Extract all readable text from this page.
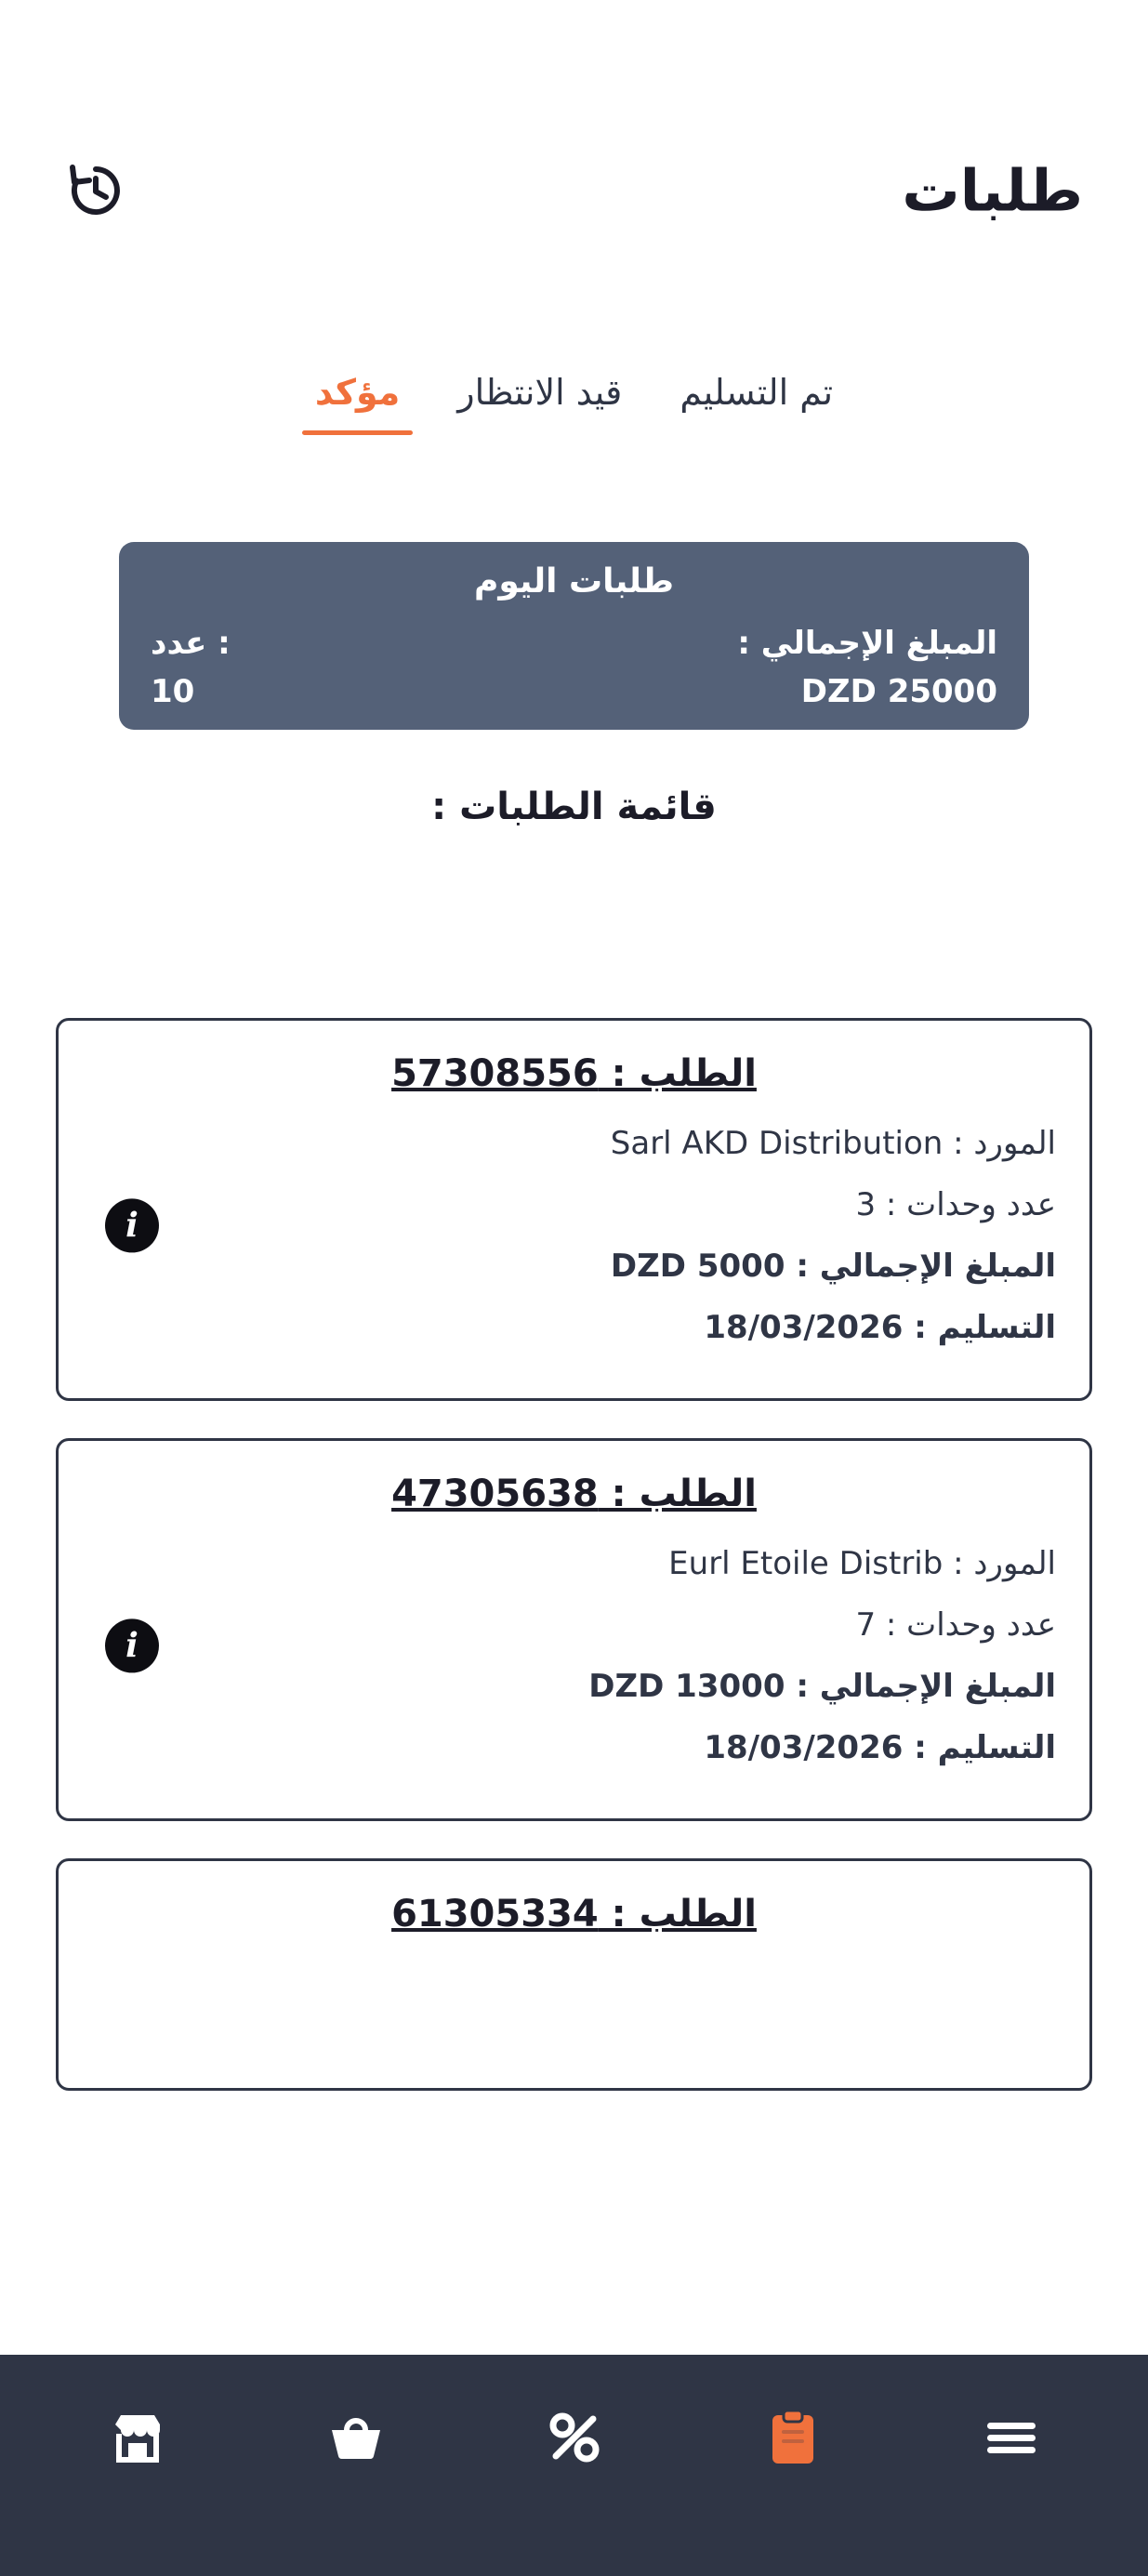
طلبات
تم التسليم
قيد الانتظار
مؤكد
طلبات اليوم
المبلغ الإجمالي :
DZD 25000
: عدد
10
قائمة الطلبات :
الطلب : 57308556
المورد : Sarl AKD Distribution
عدد وحدات : 3
المبلغ الإجمالي : DZD 5000
التسليم : 18/03/2026
i
الطلب : 47305638
المورد : Eurl Etoile Distrib
عدد وحدات : 7
المبلغ الإجمالي : DZD 13000
التسليم : 18/03/2026
i
الطلب : 61305334
